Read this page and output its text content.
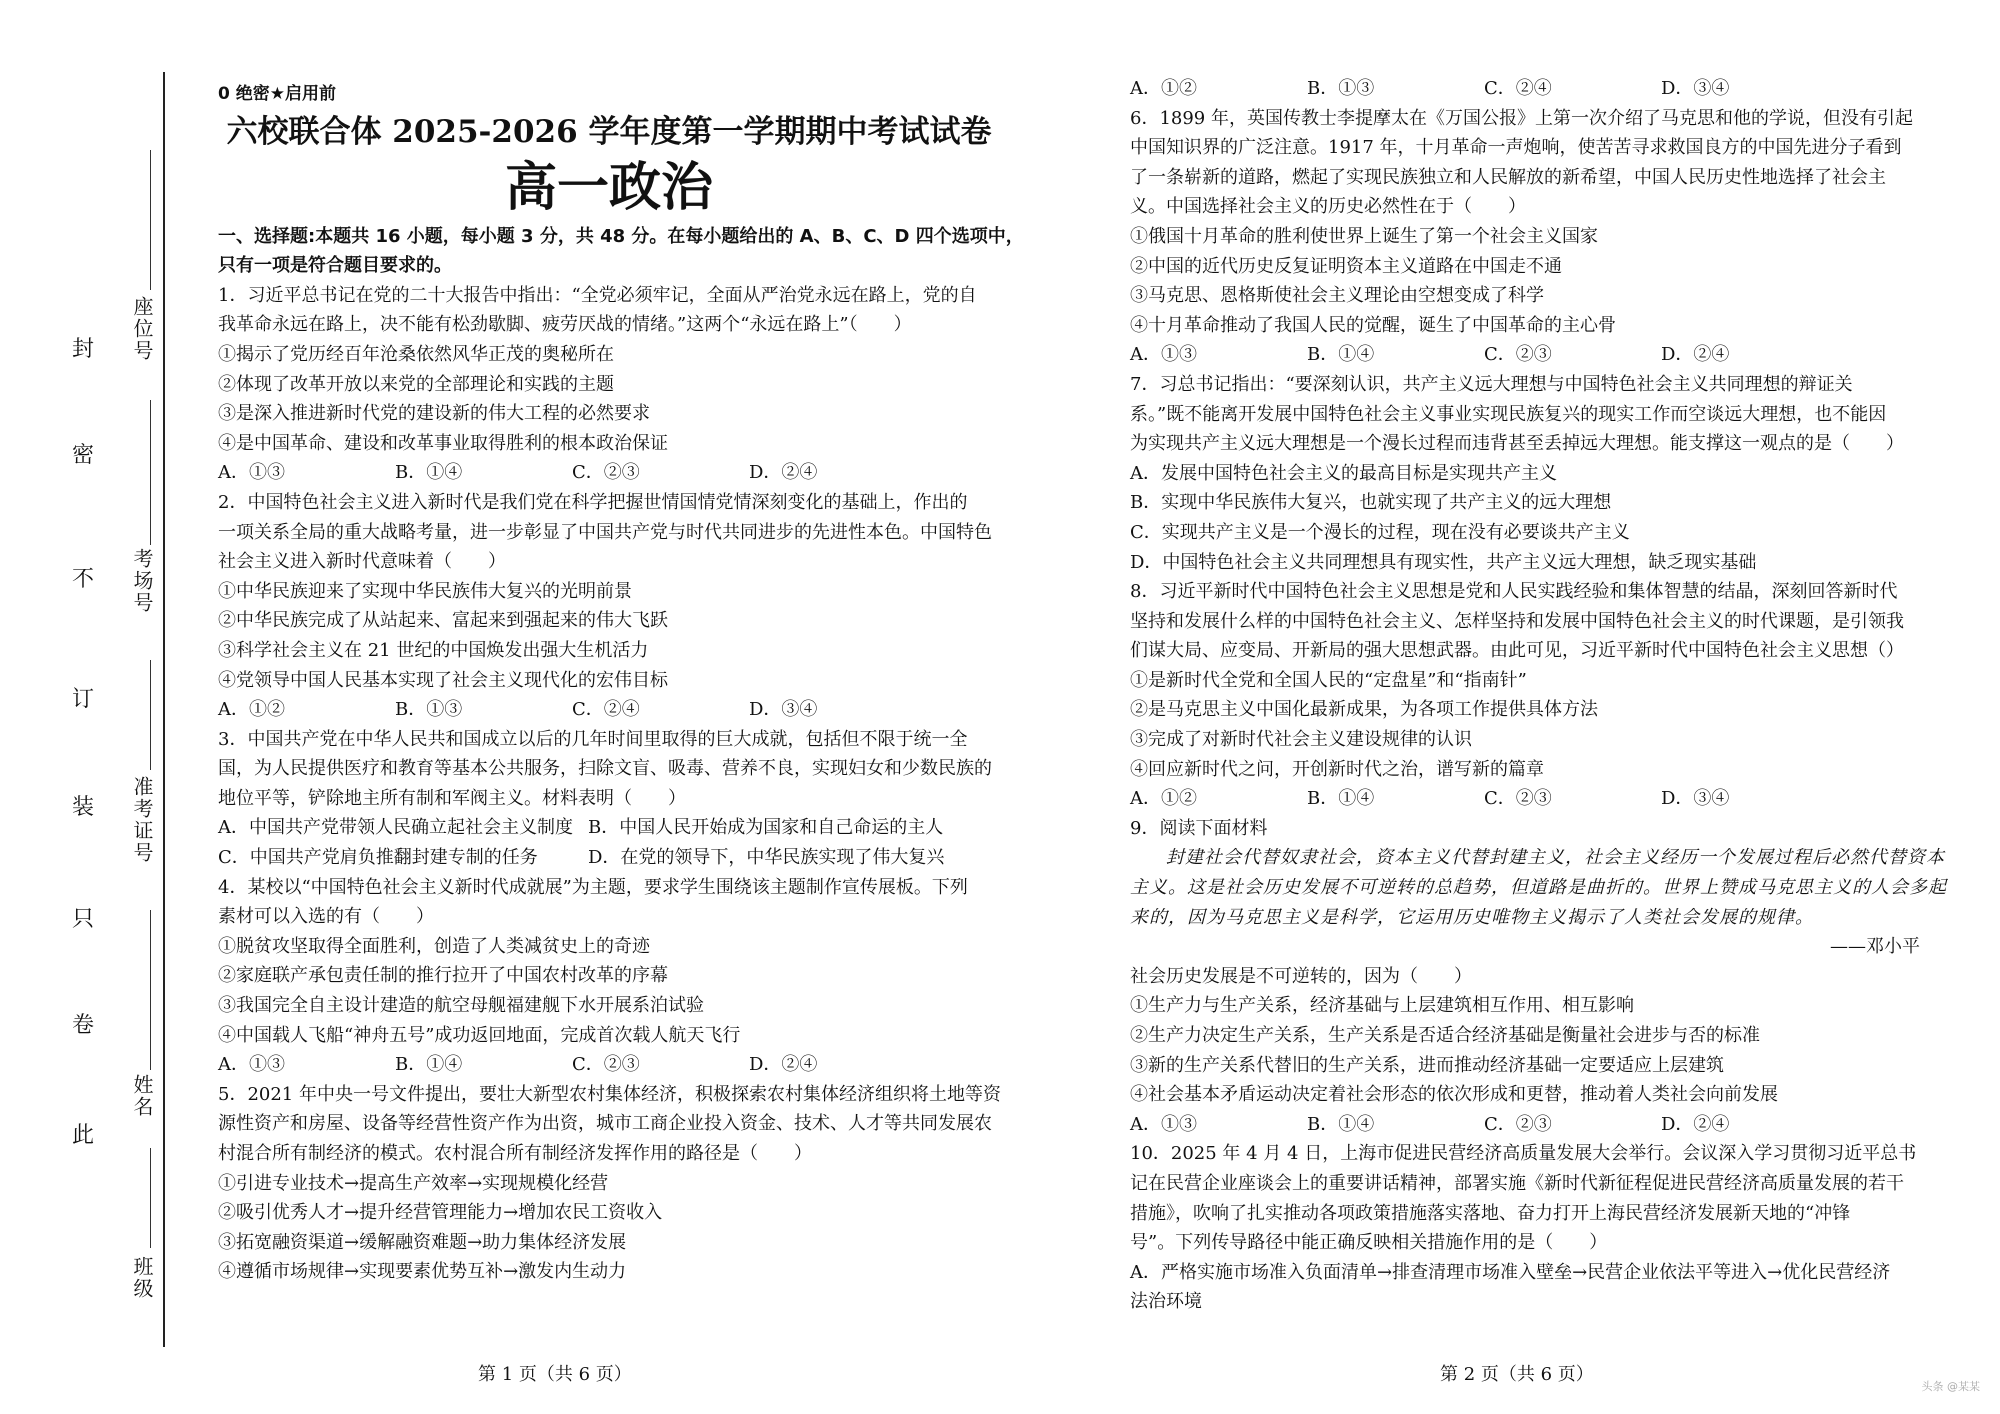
封
密
不
订
装
只
卷
此
座位号
考场号
准考证号
姓名
班级

0 绝密★启用前

六校联合体 2025-2026 学年度第一学期期中考试试卷

高一政治

一、选择题:本题共 16 小题，每小题 3 分，共 48 分。在每小题给出的 A、B、C、D 四个选项中，

只有一项是符合题目要求的。

1．习近平总书记在党的二十大报告中指出：“全党必须牢记，全面从严治党永远在路上，党的自

我革命永远在路上，决不能有松劲歇脚、疲劳厌战的情绪。”这两个“永远在路上”（　　）

①揭示了党历经百年沧桑依然风华正茂的奥秘所在

②体现了改革开放以来党的全部理论和实践的主题

③是深入推进新时代党的建设新的伟大工程的必然要求

④是中国革命、建设和改革事业取得胜利的根本政治保证

A．①③	B．①④	C．②③	D．②④

2．中国特色社会主义进入新时代是我们党在科学把握世情国情党情深刻变化的基础上，作出的

一项关系全局的重大战略考量，进一步彰显了中国共产党与时代共同进步的先进性本色。中国特色

社会主义进入新时代意味着（　　）

①中华民族迎来了实现中华民族伟大复兴的光明前景

②中华民族完成了从站起来、富起来到强起来的伟大飞跃

③科学社会主义在 21 世纪的中国焕发出强大生机活力

④党领导中国人民基本实现了社会主义现代化的宏伟目标

A．①②	B．①③	C．②④	D．③④

3．中国共产党在中华人民共和国成立以后的几年时间里取得的巨大成就，包括但不限于统一全

国，为人民提供医疗和教育等基本公共服务，扫除文盲、吸毒、营养不良，实现妇女和少数民族的

地位平等，铲除地主所有制和军阀主义。材料表明（　　）

A．中国共产党带领人民确立起社会主义制度 B．中国人民开始成为国家和自己命运的主人

C．中国共产党肩负推翻封建专制的任务	D．在党的领导下，中华民族实现了伟大复兴

4．某校以“中国特色社会主义新时代成就展”为主题，要求学生围绕该主题制作宣传展板。下列

素材可以入选的有（　　）

①脱贫攻坚取得全面胜利，创造了人类减贫史上的奇迹

②家庭联产承包责任制的推行拉开了中国农村改革的序幕

③我国完全自主设计建造的航空母舰福建舰下水开展系泊试验

④中国载人飞船“神舟五号”成功返回地面，完成首次载人航天飞行

A．①③	B．①④	C．②③	D．②④

5．2021 年中央一号文件提出，要壮大新型农村集体经济，积极探索农村集体经济组织将土地等资

源性资产和房屋、设备等经营性资产作为出资，城市工商企业投入资金、技术、人才等共同发展农

村混合所有制经济的模式。农村混合所有制经济发挥作用的路径是（　　）

①引进专业技术→提高生产效率→实现规模化经营

②吸引优秀人才→提升经营管理能力→增加农民工资收入

③拓宽融资渠道→缓解融资难题→助力集体经济发展

④遵循市场规律→实现要素优势互补→激发内生动力

A．①②	B．①③	C．②④	D．③④

6．1899 年，英国传教士李提摩太在《万国公报》上第一次介绍了马克思和他的学说，但没有引起

中国知识界的广泛注意。1917 年，十月革命一声炮响，使苦苦寻求救国良方的中国先进分子看到

了一条崭新的道路，燃起了实现民族独立和人民解放的新希望，中国人民历史性地选择了社会主

义。中国选择社会主义的历史必然性在于（　　）

①俄国十月革命的胜利使世界上诞生了第一个社会主义国家

②中国的近代历史反复证明资本主义道路在中国走不通

③马克思、恩格斯使社会主义理论由空想变成了科学

④十月革命推动了我国人民的觉醒，诞生了中国革命的主心骨

A．①③	B．①④	C．②③	D．②④

7．习总书记指出：“要深刻认识，共产主义远大理想与中国特色社会主义共同理想的辩证关

系。”既不能离开发展中国特色社会主义事业实现民族复兴的现实工作而空谈远大理想，也不能因

为实现共产主义远大理想是一个漫长过程而违背甚至丢掉远大理想。能支撑这一观点的是（　　）

A．发展中国特色社会主义的最高目标是实现共产主义

B．实现中华民族伟大复兴，也就实现了共产主义的远大理想

C．实现共产主义是一个漫长的过程，现在没有必要谈共产主义

D．中国特色社会主义共同理想具有现实性，共产主义远大理想，缺乏现实基础

8．习近平新时代中国特色社会主义思想是党和人民实践经验和集体智慧的结晶，深刻回答新时代

坚持和发展什么样的中国特色社会主义、怎样坚持和发展中国特色社会主义的时代课题，是引领我

们谋大局、应变局、开新局的强大思想武器。由此可见，习近平新时代中国特色社会主义思想（）

①是新时代全党和全国人民的“定盘星”和“指南针”

②是马克思主义中国化最新成果，为各项工作提供具体方法

③完成了对新时代社会主义建设规律的认识

④回应新时代之问，开创新时代之治，谱写新的篇章

A．①②	B．①④	C．②③	D．③④

9．阅读下面材料

封建社会代替奴隶社会，资本主义代替封建主义，社会主义经历一个发展过程后必然代替资本

主义。这是社会历史发展不可逆转的总趋势，但道路是曲折的。世界上赞成马克思主义的人会多起

来的，因为马克思主义是科学，它运用历史唯物主义揭示了人类社会发展的规律。

——邓小平

社会历史发展是不可逆转的，因为（　　）

①生产力与生产关系，经济基础与上层建筑相互作用、相互影响

②生产力决定生产关系，生产关系是否适合经济基础是衡量社会进步与否的标准

③新的生产关系代替旧的生产关系，进而推动经济基础一定要适应上层建筑

④社会基本矛盾运动决定着社会形态的依次形成和更替，推动着人类社会向前发展

A．①③	B．①④	C．②③	D．②④

10．2025 年 4 月 4 日，上海市促进民营经济高质量发展大会举行。会议深入学习贯彻习近平总书

记在民营企业座谈会上的重要讲话精神，部署实施《新时代新征程促进民营经济高质量发展的若干

措施》，吹响了扎实推动各项政策措施落实落地、奋力打开上海民营经济发展新天地的“冲锋

号”。下列传导路径中能正确反映相关措施作用的是（　　）

A．严格实施市场准入负面清单→排查清理市场准入壁垒→民营企业依法平等进入→优化民营经济

法治环境

第 1 页（共 6 页）	第 2 页（共 6 页）
头条 @某某
